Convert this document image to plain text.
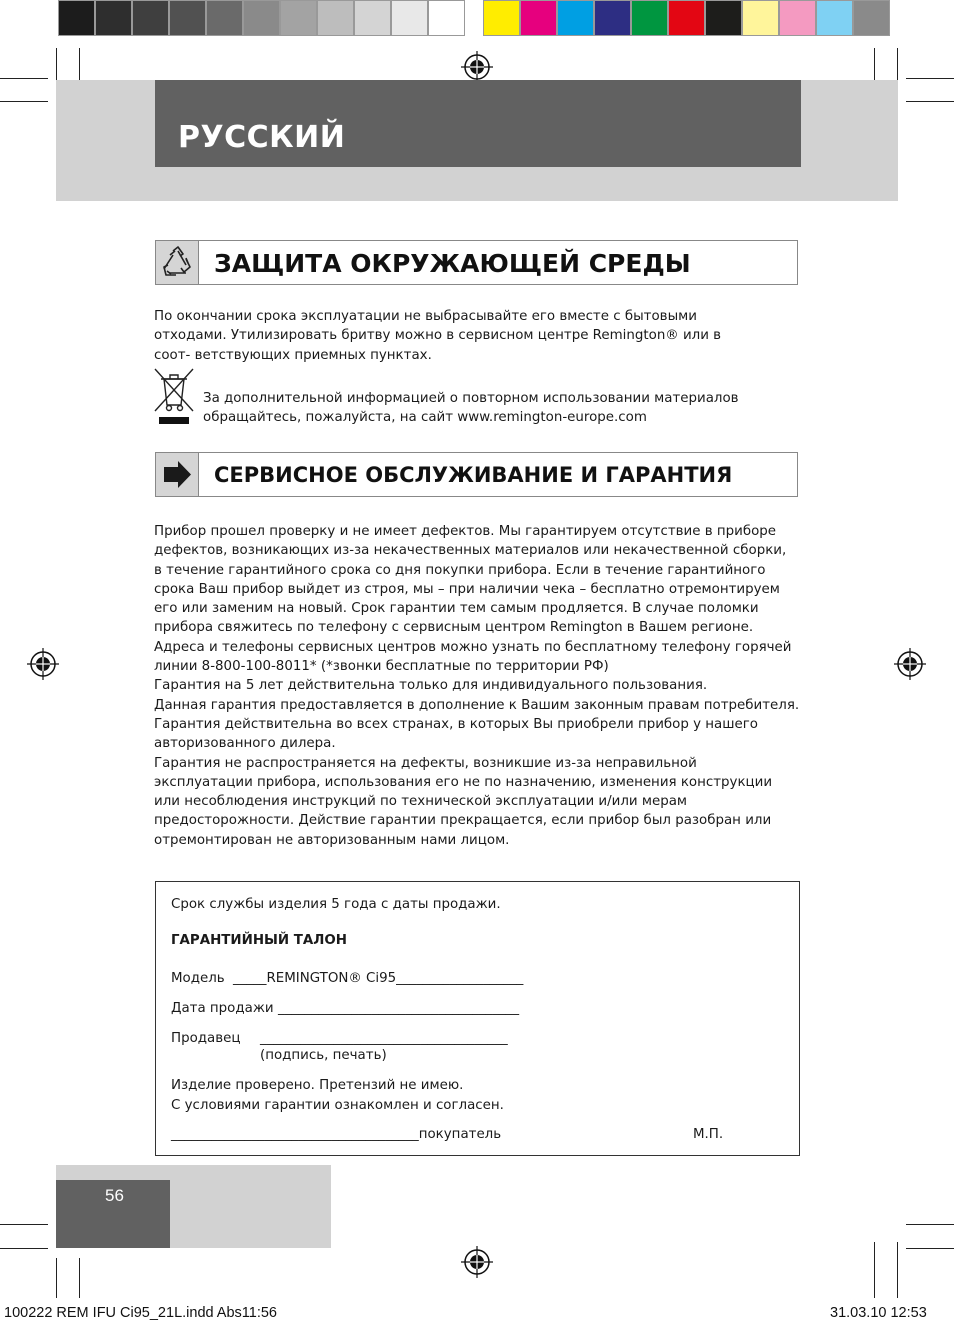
РУССКИЙ
ЗАЩИТА ОКРУЖАЮЩЕЙ СРЕДЫ
По окончании срока эксплуатации не выбрасывайте его вместе с бытовыми
отходами. Утилизировать бритву можно в сервисном центре Remington® или в
соот- ветствующих приемных пунктах.
За дополнительной информацией о повторном использовании материалов
обращайтесь, пожалуйста, на сайт www.remington-europe.com
СЕРВИСНОЕ ОБСЛУЖИВАНИЕ И ГАРАНТИЯ
Прибор прошел проверку и не имеет дефектов. Мы гарантируем отсутствие в приборе
дефектов, возникающих из-за некачественных материалов или некачественной сборки,
в течение гарантийного срока со дня покупки прибора. Если в течение гарантийного
срока Ваш прибор выйдет из строя, мы – при наличии чека – бесплатно отремонтируем
его или заменим на новый. Срок гарантии тем самым продляется. В случае поломки
прибора свяжитесь по телефону с сервисным центром Remington в Вашем регионе.
Адреса и телефоны сервисных центров можно узнать по бесплатному телефону горячей
линии 8-800-100-8011* (*звонки бесплатные по территории РФ)
Гарантия на 5 лет действительна только для индивидуального пользования.
Данная гарантия предоставляется в дополнение к Вашим законным правам потребителя.
Гарантия действительна во всех странах, в которых Вы приобрели прибор у нашего
авторизованного дилера.
Гарантия не распространяется на дефекты, возникшие из-за неправильной
эксплуатации прибора, использования его не по назначению, изменения конструкции
или несоблюдения инструкций по технической эксплуатации и/или мерам
предосторожности. Действие гарантии прекращается, если прибор был разобран или
отремонтирован не авторизованным нами лицом.
Срок службы изделия 5 года с даты продажи.
ГАРАНТИЙНЫЙ ТАЛОН
Модель _____REMINGTON® Ci95___________________
Дата продажи ____________________________________
Продавец _____________________________________
(подпись, печать)
Изделие проверено. Претензий не имею.
С условиями гарантии ознакомлен и согласен.
_____________________________________покупатель	М.П.
56
100222 REM IFU Ci95_21L.indd Abs11:56	31.03.10 12:53
